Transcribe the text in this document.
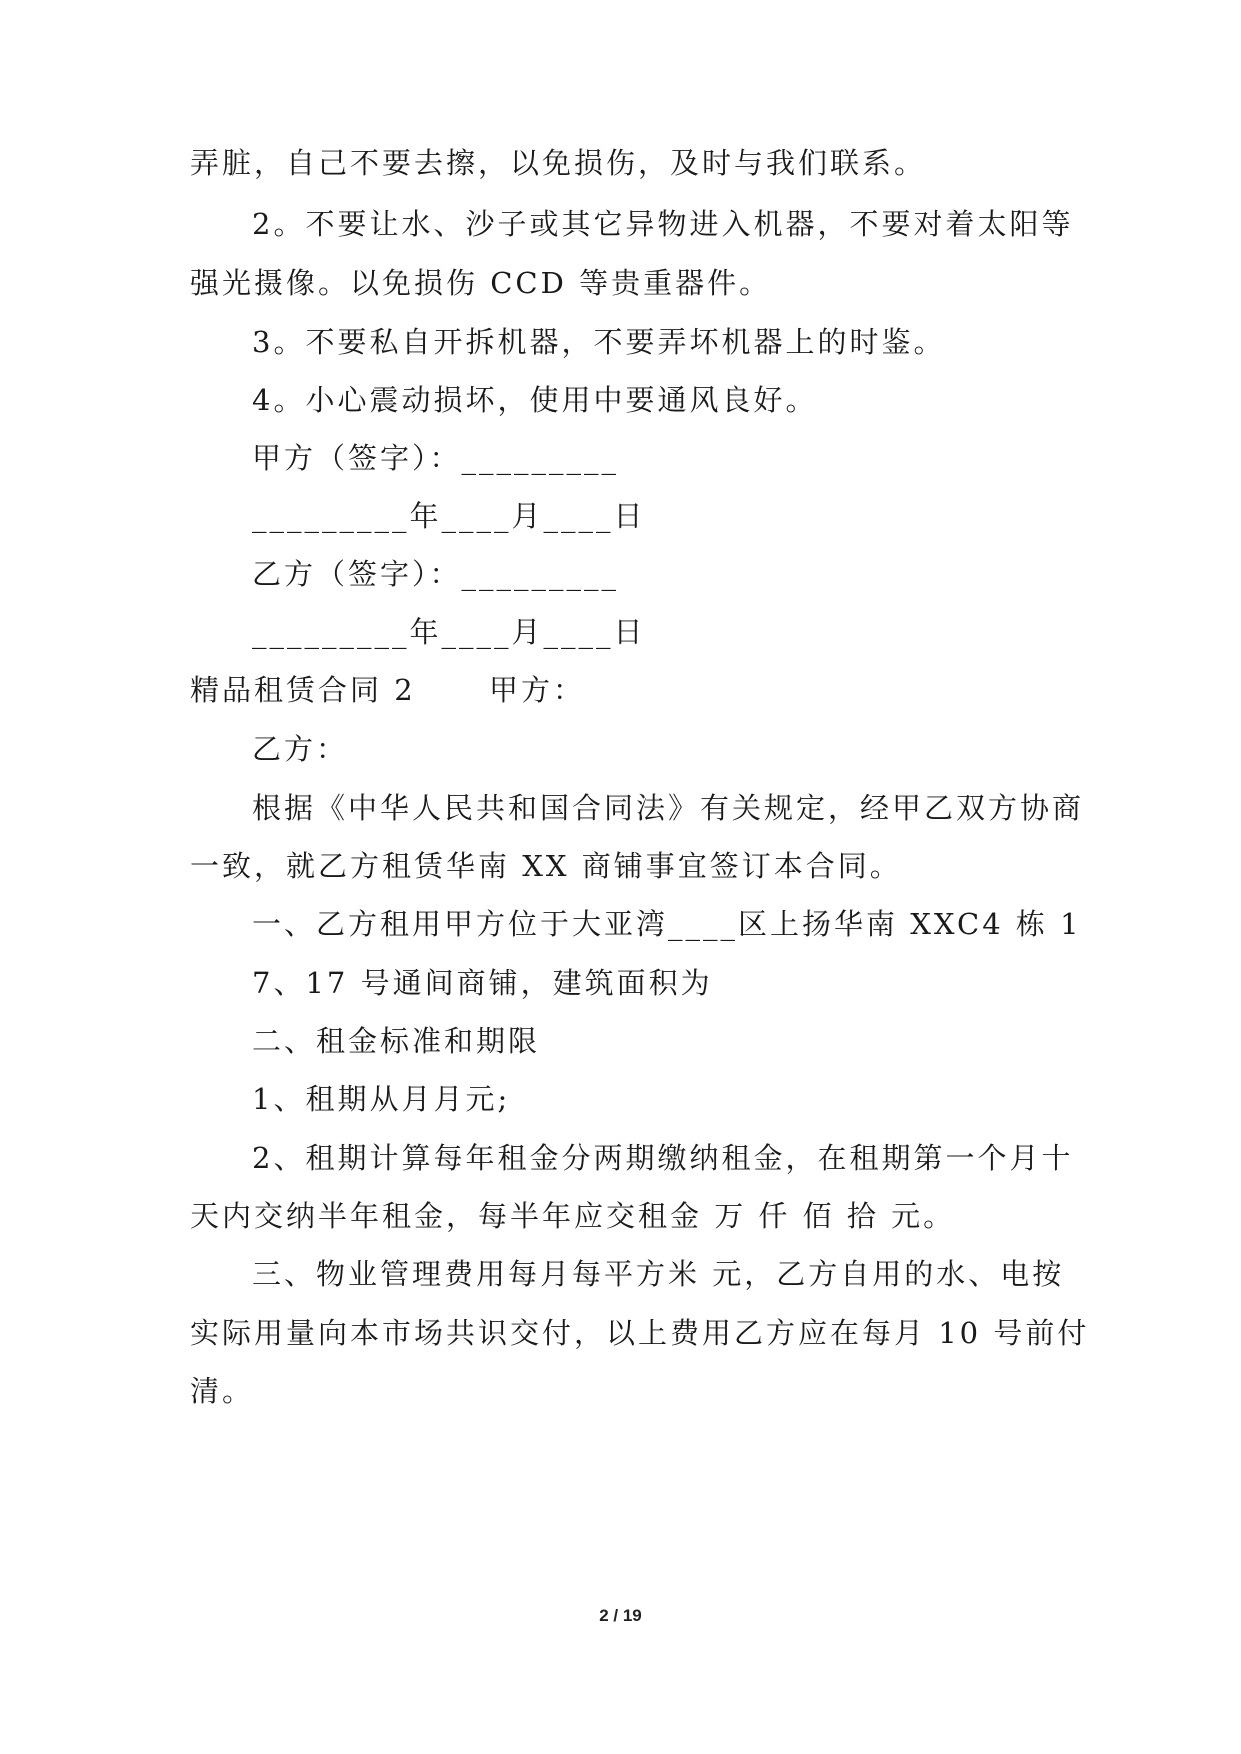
弄脏，自己不要去擦，以免损伤，及时与我们联系。
2。不要让水、沙子或其它异物进入机器，不要对着太阳等
强光摄像。以免损伤 CCD 等贵重器件。
3。不要私自开拆机器，不要弄坏机器上的时鉴。
4。小心震动损坏，使用中要通风良好。
甲方（签字）：_________
_________年____月____日
乙方（签字）：_________
_________年____月____日
精品租赁合同 2      甲方：
乙方：
根据《中华人民共和国合同法》有关规定，经甲乙双方协商
一致，就乙方租赁华南 XX 商铺事宜签订本合同。
一、乙方租用甲方位于大亚湾____区上扬华南 XXC4 栋 1
7、17 号通间商铺，建筑面积为
二、租金标准和期限
1、租期从月月元;
2、租期计算每年租金分两期缴纳租金，在租期第一个月十
天内交纳半年租金，每半年应交租金 万 仟 佰 拾 元。
三、物业管理费用每月每平方米 元，乙方自用的水、电按
实际用量向本市场共识交付，以上费用乙方应在每月 10 号前付
清。
2 / 19
